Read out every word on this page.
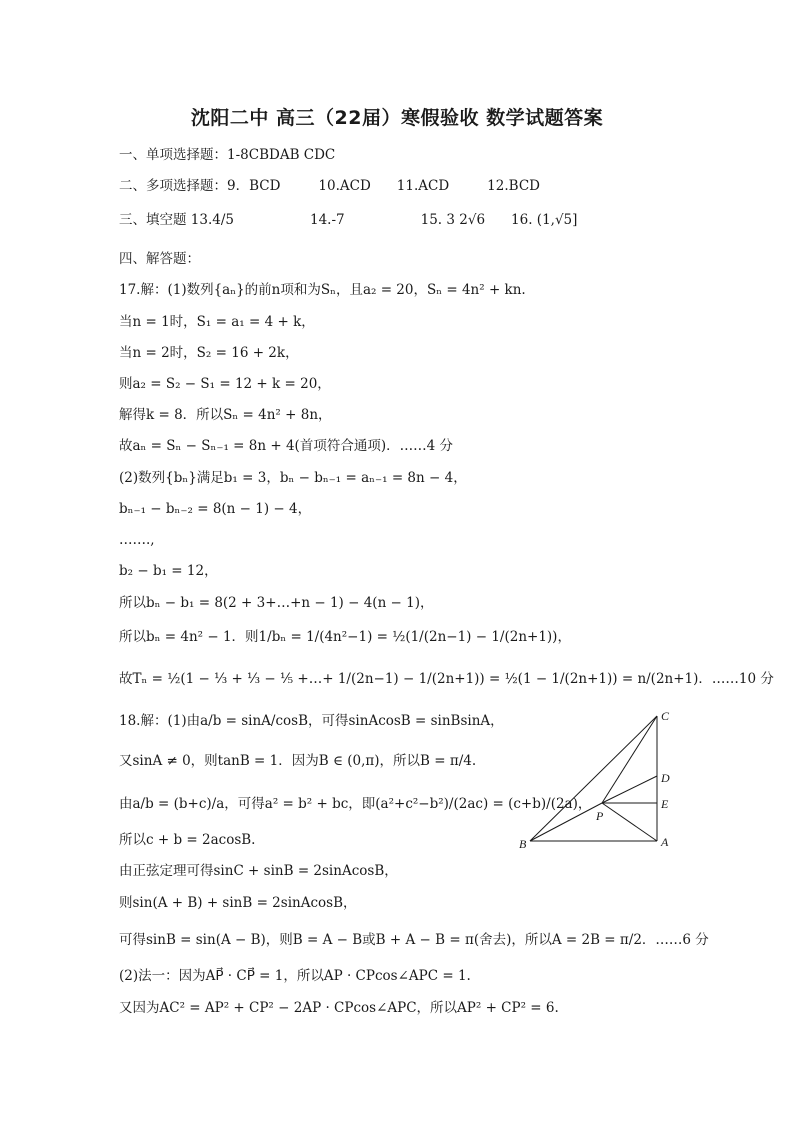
沈阳二中 高三（22届）寒假验收 数学试题答案
一、单项选择题：1-8CBDAB CDC
二、多项选择题：9．BCD	10.ACD 11.ACD	12.BCD
三、填空题 13.4/5	14.-7	15. 3 2√6 16. (1,√5]
四、解答题：
17.解：(1)数列{aₙ}的前n项和为Sₙ，且a₂ = 20，Sₙ = 4n² + kn.
当n = 1时，S₁ = a₁ = 4 + k，
当n = 2时，S₂ = 16 + 2k，
则a₂ = S₂ − S₁ = 12 + k = 20，
解得k = 8．所以Sₙ = 4n² + 8n，
故aₙ = Sₙ − Sₙ₋₁ = 8n + 4(首项符合通项)．……4 分
(2)数列{bₙ}满足b₁ = 3，bₙ − bₙ₋₁ = aₙ₋₁ = 8n − 4，
bₙ₋₁ − bₙ₋₂ = 8(n − 1) − 4，
…….,
b₂ − b₁ = 12，
所以bₙ − b₁ = 8(2 + 3+…+n − 1) − 4(n − 1)，
所以bₙ = 4n² − 1．则1/bₙ = 1/(4n²−1) = ½(1/(2n−1) − 1/(2n+1))，
故Tₙ = ½(1 − ⅓ + ⅓ − ⅕ +…+ 1/(2n−1) − 1/(2n+1)) = ½(1 − 1/(2n+1)) = n/(2n+1)．……10 分
18.解：(1)由a/b = sinA/cosB，可得sinAcosB = sinBsinA，
又sinA ≠ 0，则tanB = 1．因为B ∈ (0,π)，所以B = π/4.
由a/b = (b+c)/a，可得a² = b² + bc，即(a²+c²−b²)/(2ac) = (c+b)/(2a)，
所以c + b = 2acosB.
由正弦定理可得sinC + sinB = 2sinAcosB，
则sin(A + B) + sinB = 2sinAcosB，
可得sinB = sin(A − B)，则B = A − B或B + A − B = π(舍去)，所以A = 2B = π/2．……6 分
(2)法一：因为AP⃗ · CP⃗ = 1，所以AP · CPcos∠APC = 1.
又因为AC² = AP² + CP² − 2AP · CPcos∠APC，所以AP² + CP² = 6.
C
D
E
A
B
P
